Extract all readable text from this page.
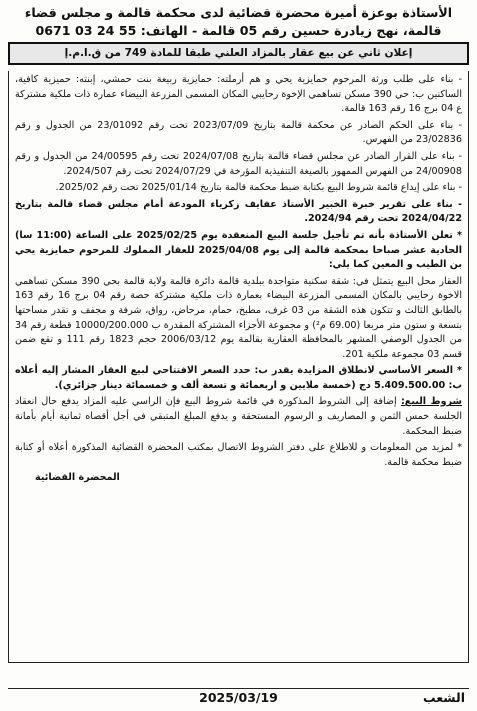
الأستاذة بوعزة أميرة محضرة قضائية لدى محكمة قالمة و مجلس قضاء
قالمة، نهج زيادرة حسين رقم 05 قالمة - الهاتف: 55 24 03 0671
إعلان ثاني عن بيع عقار بالمزاد العلني طبقا للمادة 749 من ق.ا.م.إ

- بناء على طلب ورثة المرحوم حمايزية يحي و هم أرملته: حمايزية ربيعة بنت حمشي، إبنته: حميزية كافية، الساكنين ب: حي 390 مسكن تساهمي الإخوة رحايبي المكان المسمى المزرعة البيضاء عمارة ذات ملكية مشتركة ع 04 برج 16 رقم 163 قالمة.

- بناء على الحكم الصادر عن محكمة قالمة بتاريخ 2023/07/09 تحت رقم 23/01092 من الجدول و رقم 23/02836 من الفهرس.

- بناء على القرار الصادر عن مجلس قضاء قالمة بتاريخ 2024/07/08 تحت رقم 24/00595 من الجدول و رقم 24/00908 من الفهرس الممهور بالصيغة التنفيذية المؤرخة في 2024/07/29 تحت رقم 2024/507.

- بناء على إيداع قائمة شروط البيع بكتابة ضبط محكمة قالمة بتاريخ 2025/01/14 تحت رقم 2025/02.

- بناء على تقرير خبرة الخبير الأستاذ عفايف زكرياء المودعة أمام مجلس قضاء قالمة بتاريخ 2024/04/22 تحت رقم 2024/94.

* تعلن الأستاذة بأنه تم تأجيل جلسة البيع المنعقدة يوم 2025/02/25 على الساعة (11:00 سا) الحادية عشر صباحا بمحكمة قالمة إلى يوم 2025/04/08 للعقار المملوك للمرحوم حمايزية يحي بن الطيب و المعين كما يلي:

العقار محل البيع يتمثل في: شقة سكنية متواجدة ببلدية قالمة دائرة قالمة ولاية قالمة بحي 390 مسكن تساهمي الاخوة رحايبي بالمكان المسمى المزرعة البيضاء بعمارة ذات ملكية مشتركة حصة رقم 04 برج 16 رقم 163 بالطابق الثالث و تتكون هذه الشقة من 03 غرف، مطبخ، حمام، مرحاض، رواق، شرفة و مجفف و تقدر مساحتها بتسعة و ستون متر مربعا (69.00 م²) و مجموعة الأجزاء المشتركة المقدرة ب 10000/200.000 قطعة رقم 34 من الجدول الوصفي المشهر بالمحافظة العقارية بقالمة يوم 2006/03/12 حجم 1823 رقم 111 و تقع ضمن قسم 03 مجموعة ملكية 201.

* السعر الأساسي لانطلاق المزايدة يقدر ب: حدد السعر الافتتاحي لبيع العقار المشار إليه أعلاه ب: 5.409.500.00 دج (خمسة ملايين و اربعمائة و تسعة ألف و خمسمائة دينار جزائري).

شروط البيع: إضافة إلى الشروط المذكورة في قائمة شروط البيع فإن الراسي عليه المزاد يدفع حال انعقاد الجلسة خمس الثمن و المصاريف و الرسوم المستحقة و يدفع المبلغ المتبقي في أجل أقصاه ثمانية أيام بأمانة ضبط المحكمة.

* لمزيد من المعلومات و للاطلاع على دفتر الشروط الاتصال بمكتب المحضرة القضائية المذكورة أعلاه أو كتابة ضبط محكمة قالمة.

المحضرة القضائية
الشعب
2025/03/19
